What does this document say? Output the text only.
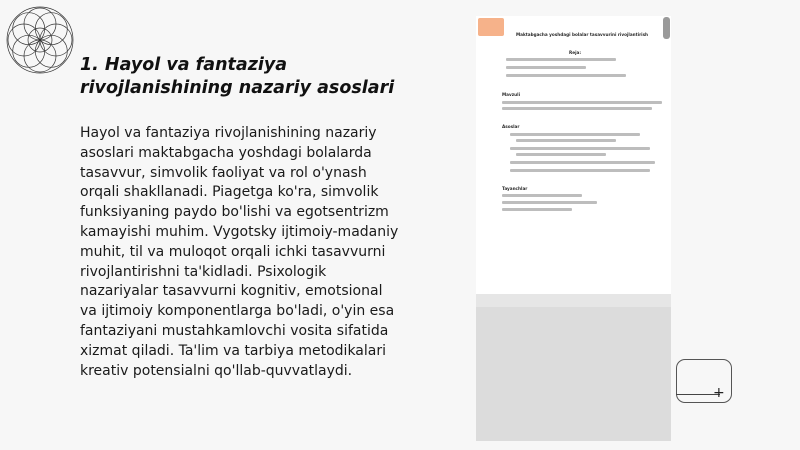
1. Hayol va fantaziya rivojlanishining nazariy asoslari

Hayol va fantaziya rivojlanishining nazariy asoslari maktabgacha yoshdagi bolalarda tasavvur, simvolik faoliyat va rol o'ynash orqali shakllanadi. Piagetga ko'ra, simvolik funksiyaning paydo bo'lishi va egotsentrizm kamayishi muhim. Vygotsky ijtimoiy-madaniy muhit, til va muloqot orqali ichki tasavvurni rivojlantirishni ta'kidladi. Psixologik nazariyalar tasavvurni kognitiv, emotsional va ijtimoiy komponentlarga bo'ladi, o'yin esa fantaziyani mustahkamlovchi vosita sifatida xizmat qiladi. Ta'lim va tarbiya metodikalari kreativ potensialni qo'llab-quvvatlaydi.

Maktabgacha yoshdagi bolalar tasavvurini rivojlantirish
Reja:
Mavzuli
Asoslar
Tayanchlar
+
